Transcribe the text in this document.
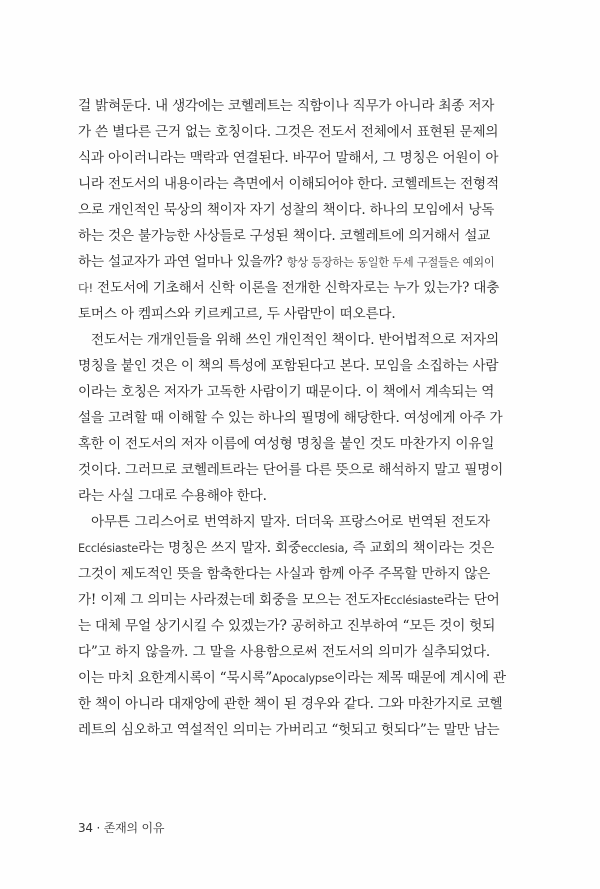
걸 밝혀둔다. 내 생각에는 코헬레트는 직함이나 직무가 아니라 최종 저자
가 쓴 별다른 근거 없는 호칭이다. 그것은 전도서 전체에서 표현된 문제의
식과 아이러니라는 맥락과 연결된다. 바꾸어 말해서, 그 명칭은 어원이 아
니라 전도서의 내용이라는 측면에서 이해되어야 한다. 코헬레트는 전형적
으로 개인적인 묵상의 책이자 자기 성찰의 책이다. 하나의 모임에서 낭독
하는 것은 불가능한 사상들로 구성된 책이다. 코헬레트에 의거해서 설교
하는 설교자가 과연 얼마나 있을까? 항상 등장하는 동일한 두세 구절들은 예외이
다! 전도서에 기초해서 신학 이론을 전개한 신학자로는 누가 있는가? 대충
토머스 아 켐피스와 키르케고르, 두 사람만이 떠오른다.
전도서는 개개인들을 위해 쓰인 개인적인 책이다. 반어법적으로 저자의
명칭을 붙인 것은 이 책의 특성에 포함된다고 본다. 모임을 소집하는 사람
이라는 호칭은 저자가 고독한 사람이기 때문이다. 이 책에서 계속되는 역
설을 고려할 때 이해할 수 있는 하나의 필명에 해당한다. 여성에게 아주 가
혹한 이 전도서의 저자 이름에 여성형 명칭을 붙인 것도 마찬가지 이유일
것이다. 그러므로 코헬레트라는 단어를 다른 뜻으로 해석하지 말고 필명이
라는 사실 그대로 수용해야 한다.
아무튼 그리스어로 번역하지 말자. 더더욱 프랑스어로 번역된 전도자
Ecclésiaste라는 명칭은 쓰지 말자. 회중ecclesia, 즉 교회의 책이라는 것은
그것이 제도적인 뜻을 함축한다는 사실과 함께 아주 주목할 만하지 않은
가! 이제 그 의미는 사라졌는데 회중을 모으는 전도자Ecclésiaste라는 단어
는 대체 무얼 상기시킬 수 있겠는가? 공허하고 진부하여 “모든 것이 헛되
다”고 하지 않을까. 그 말을 사용함으로써 전도서의 의미가 실추되었다.
이는 마치 요한계시록이 “묵시록”Apocalypse이라는 제목 때문에 계시에 관
한 책이 아니라 대재앙에 관한 책이 된 경우와 같다. 그와 마찬가지로 코헬
레트의 심오하고 역설적인 의미는 가버리고 “헛되고 헛되다”는 말만 남는
34 · 존재의 이유
